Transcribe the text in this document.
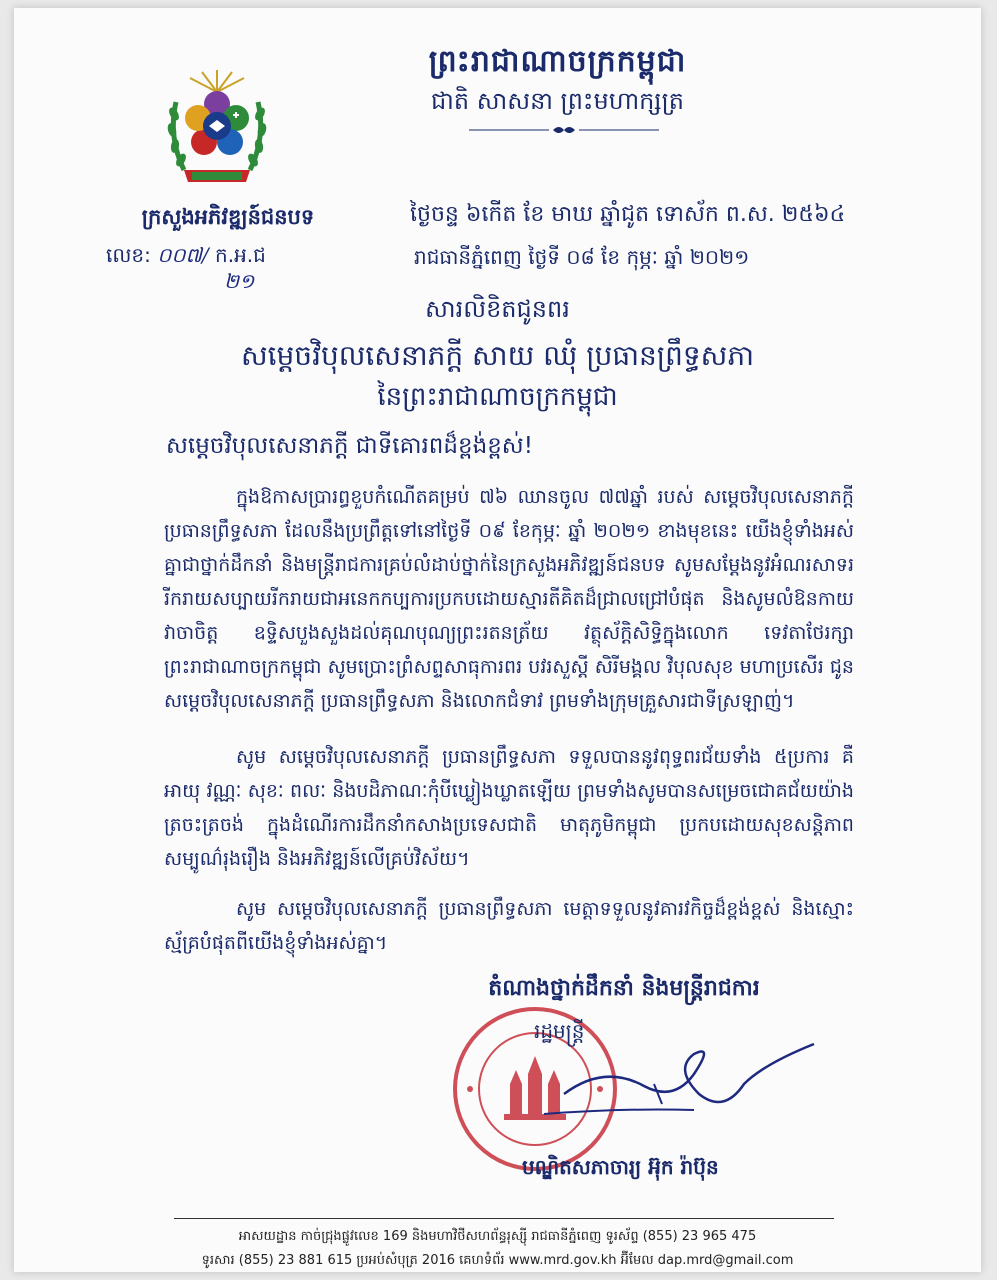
ព្រះរាជាណាចក្រកម្ពុជា
ជាតិ សាសនា ព្រះមហាក្សត្រ
ក្រសួងអភិវឌ្ឍន៍ជនបទ
លេខ: ០០៧/ ក.អ.ជ
២១
ថ្ងៃចន្ទ ៦កើត ខែ មាឃ ឆ្នាំជូត ទោស័ក ព.ស. ២៥៦៤
រាជធានីភ្នំពេញ ថ្ងៃទី ០៨ ខែ កុម្ភៈ ឆ្នាំ ២០២១
សារលិខិតជូនពរ
សម្តេចវិបុលសេនាភក្តី សាយ ឈុំ ប្រធានព្រឹទ្ធសភា
នៃព្រះរាជាណាចក្រកម្ពុជា
សម្តេចវិបុលសេនាភក្តី ជាទីគោរពដ៏ខ្ពង់ខ្ពស់!
ក្នុងឱកាសប្រារព្ធខួបកំណើតគម្រប់ ៧៦ ឈានចូល ៧៧ឆ្នាំ របស់ សម្តេចវិបុលសេនាភក្តី ប្រធានព្រឹទ្ធសភា ដែលនឹងប្រព្រឹត្តទៅនៅថ្ងៃទី ០៩ ខែកុម្ភៈ ឆ្នាំ ២០២១ ខាងមុខនេះ យើងខ្ញុំទាំងអស់គ្នាជាថ្នាក់ដឹកនាំ និងមន្ត្រីរាជការគ្រប់លំដាប់ថ្នាក់នៃក្រសួងអភិវឌ្ឍន៍ជនបទ សូមសម្តែងនូវអំណរសាទរ រីករាយសប្បាយរីករាយជាអនេកកប្បការប្រកបដោយស្មារតីគិតដ៏ជ្រាលជ្រៅបំផុត និងសូមលំឱនកាយ វាចាចិត្ត ឧទ្ទិសបួងសួងដល់គុណបុណ្យព្រះរតនត្រ័យ វត្ថុស័ក្តិសិទ្ធិក្នុងលោក ទេវតាថែរក្សាព្រះរាជាណាចក្រកម្ពុជា សូមប្រោះព្រំសព្ទសាធុការពរ បវរសួស្តី សិរីមង្គល វិបុលសុខ មហាប្រសើរ ជូន សម្តេចវិបុលសេនាភក្តី ប្រធានព្រឹទ្ធសភា និងលោកជំទាវ ព្រមទាំងក្រុមគ្រួសារជាទីស្រឡាញ់។
សូម សម្តេចវិបុលសេនាភក្តី ប្រធានព្រឹទ្ធសភា ទទួលបាននូវពុទ្ធពរជ័យទាំង ៥ប្រការ គឺអាយុ វណ្ណៈ សុខៈ ពលៈ និងបដិភាណៈកុំបីឃ្លៀងឃ្លាតឡើយ ព្រមទាំងសូមបានសម្រេចជោគជ័យយ៉ាងត្រចះត្រចង់ ក្នុងដំណើរការដឹកនាំកសាងប្រទេសជាតិ មាតុភូមិកម្ពុជា ប្រកបដោយសុខសន្តិភាព សម្បូណ៌រុងរឿង និងអភិវឌ្ឍន៍លើគ្រប់វិស័យ។
សូម សម្តេចវិបុលសេនាភក្តី ប្រធានព្រឹទ្ធសភា មេត្តាទទួលនូវគារវកិច្ចដ៏ខ្ពង់ខ្ពស់ និងស្មោះស្ម័គ្របំផុតពីយើងខ្ញុំទាំងអស់គ្នា។
តំណាងថ្នាក់ដឹកនាំ និងមន្ត្រីរាជការ
រដ្ឋមន្ត្រី
បណ្ឌិតសភាចារ្យ អ៊ុក រ៉ាប៊ុន
អាសយដ្ឋាន កាច់ជ្រុងផ្លូវលេខ 169 និងមហាវិថីសហព័ន្ធរុស្ស៊ី រាជធានីភ្នំពេញ ទូរស័ព្ទ (855) 23 965 475
ទូរសារ (855) 23 881 615 ប្រអប់សំបុត្រ 2016 គេហទំព័រ www.mrd.gov.kh អ៊ីមែល dap.mrd@gmail.com
